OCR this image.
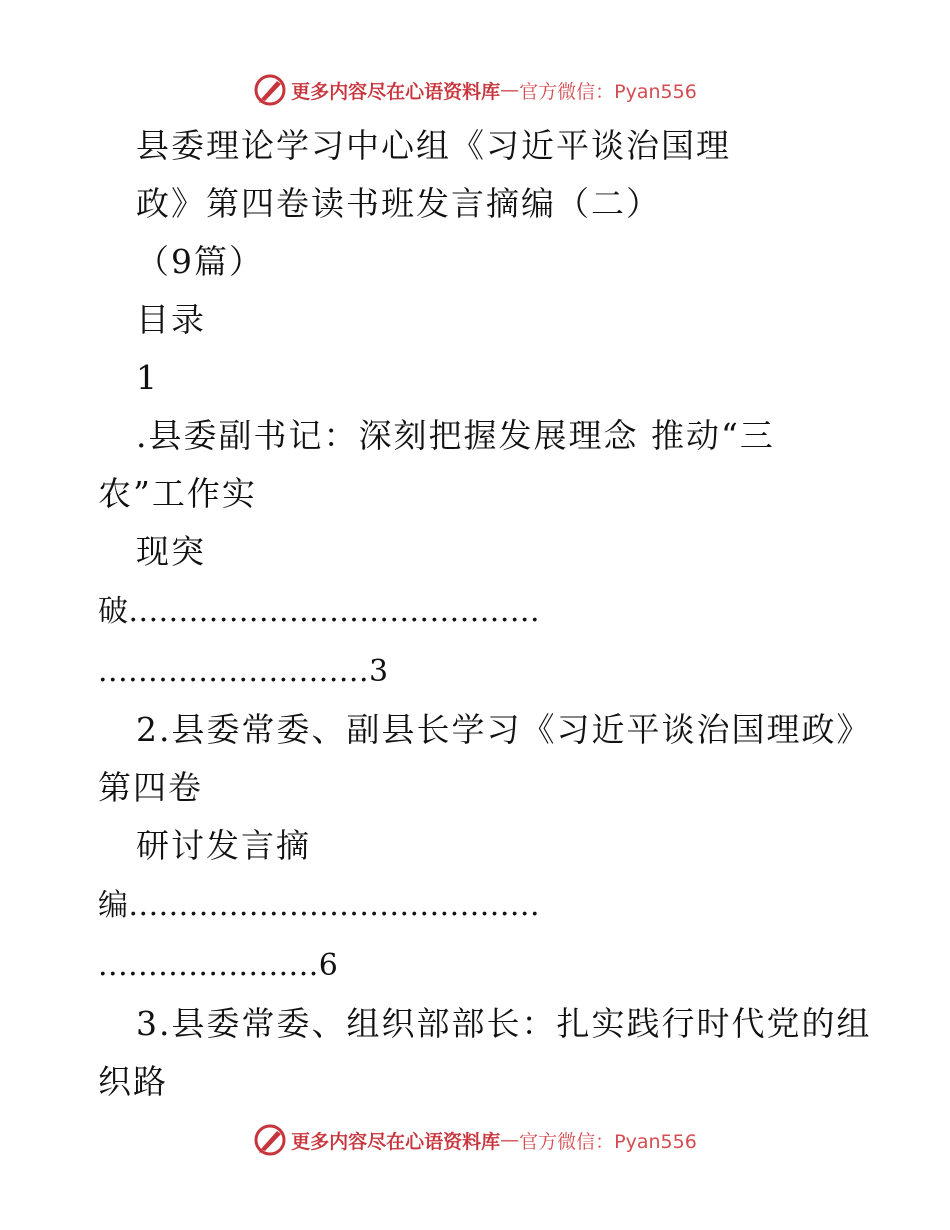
更多内容尽在心语资料库 — 官方微信：Pyan556
县委理论学习中心组《习近平谈治国理
政》第四卷读书班发言摘编（二）
（9篇）
目录
1
.县委副书记：深刻把握发展理念 推动“三
农”工作实
现突
破.........................................
...........................3
2.县委常委、副县长学习《习近平谈治国理政》
第四卷
研讨发言摘
编.........................................
......................6
3.县委常委、组织部部长：扎实践行时代党的组
织路
更多内容尽在心语资料库 — 官方微信：Pyan556
